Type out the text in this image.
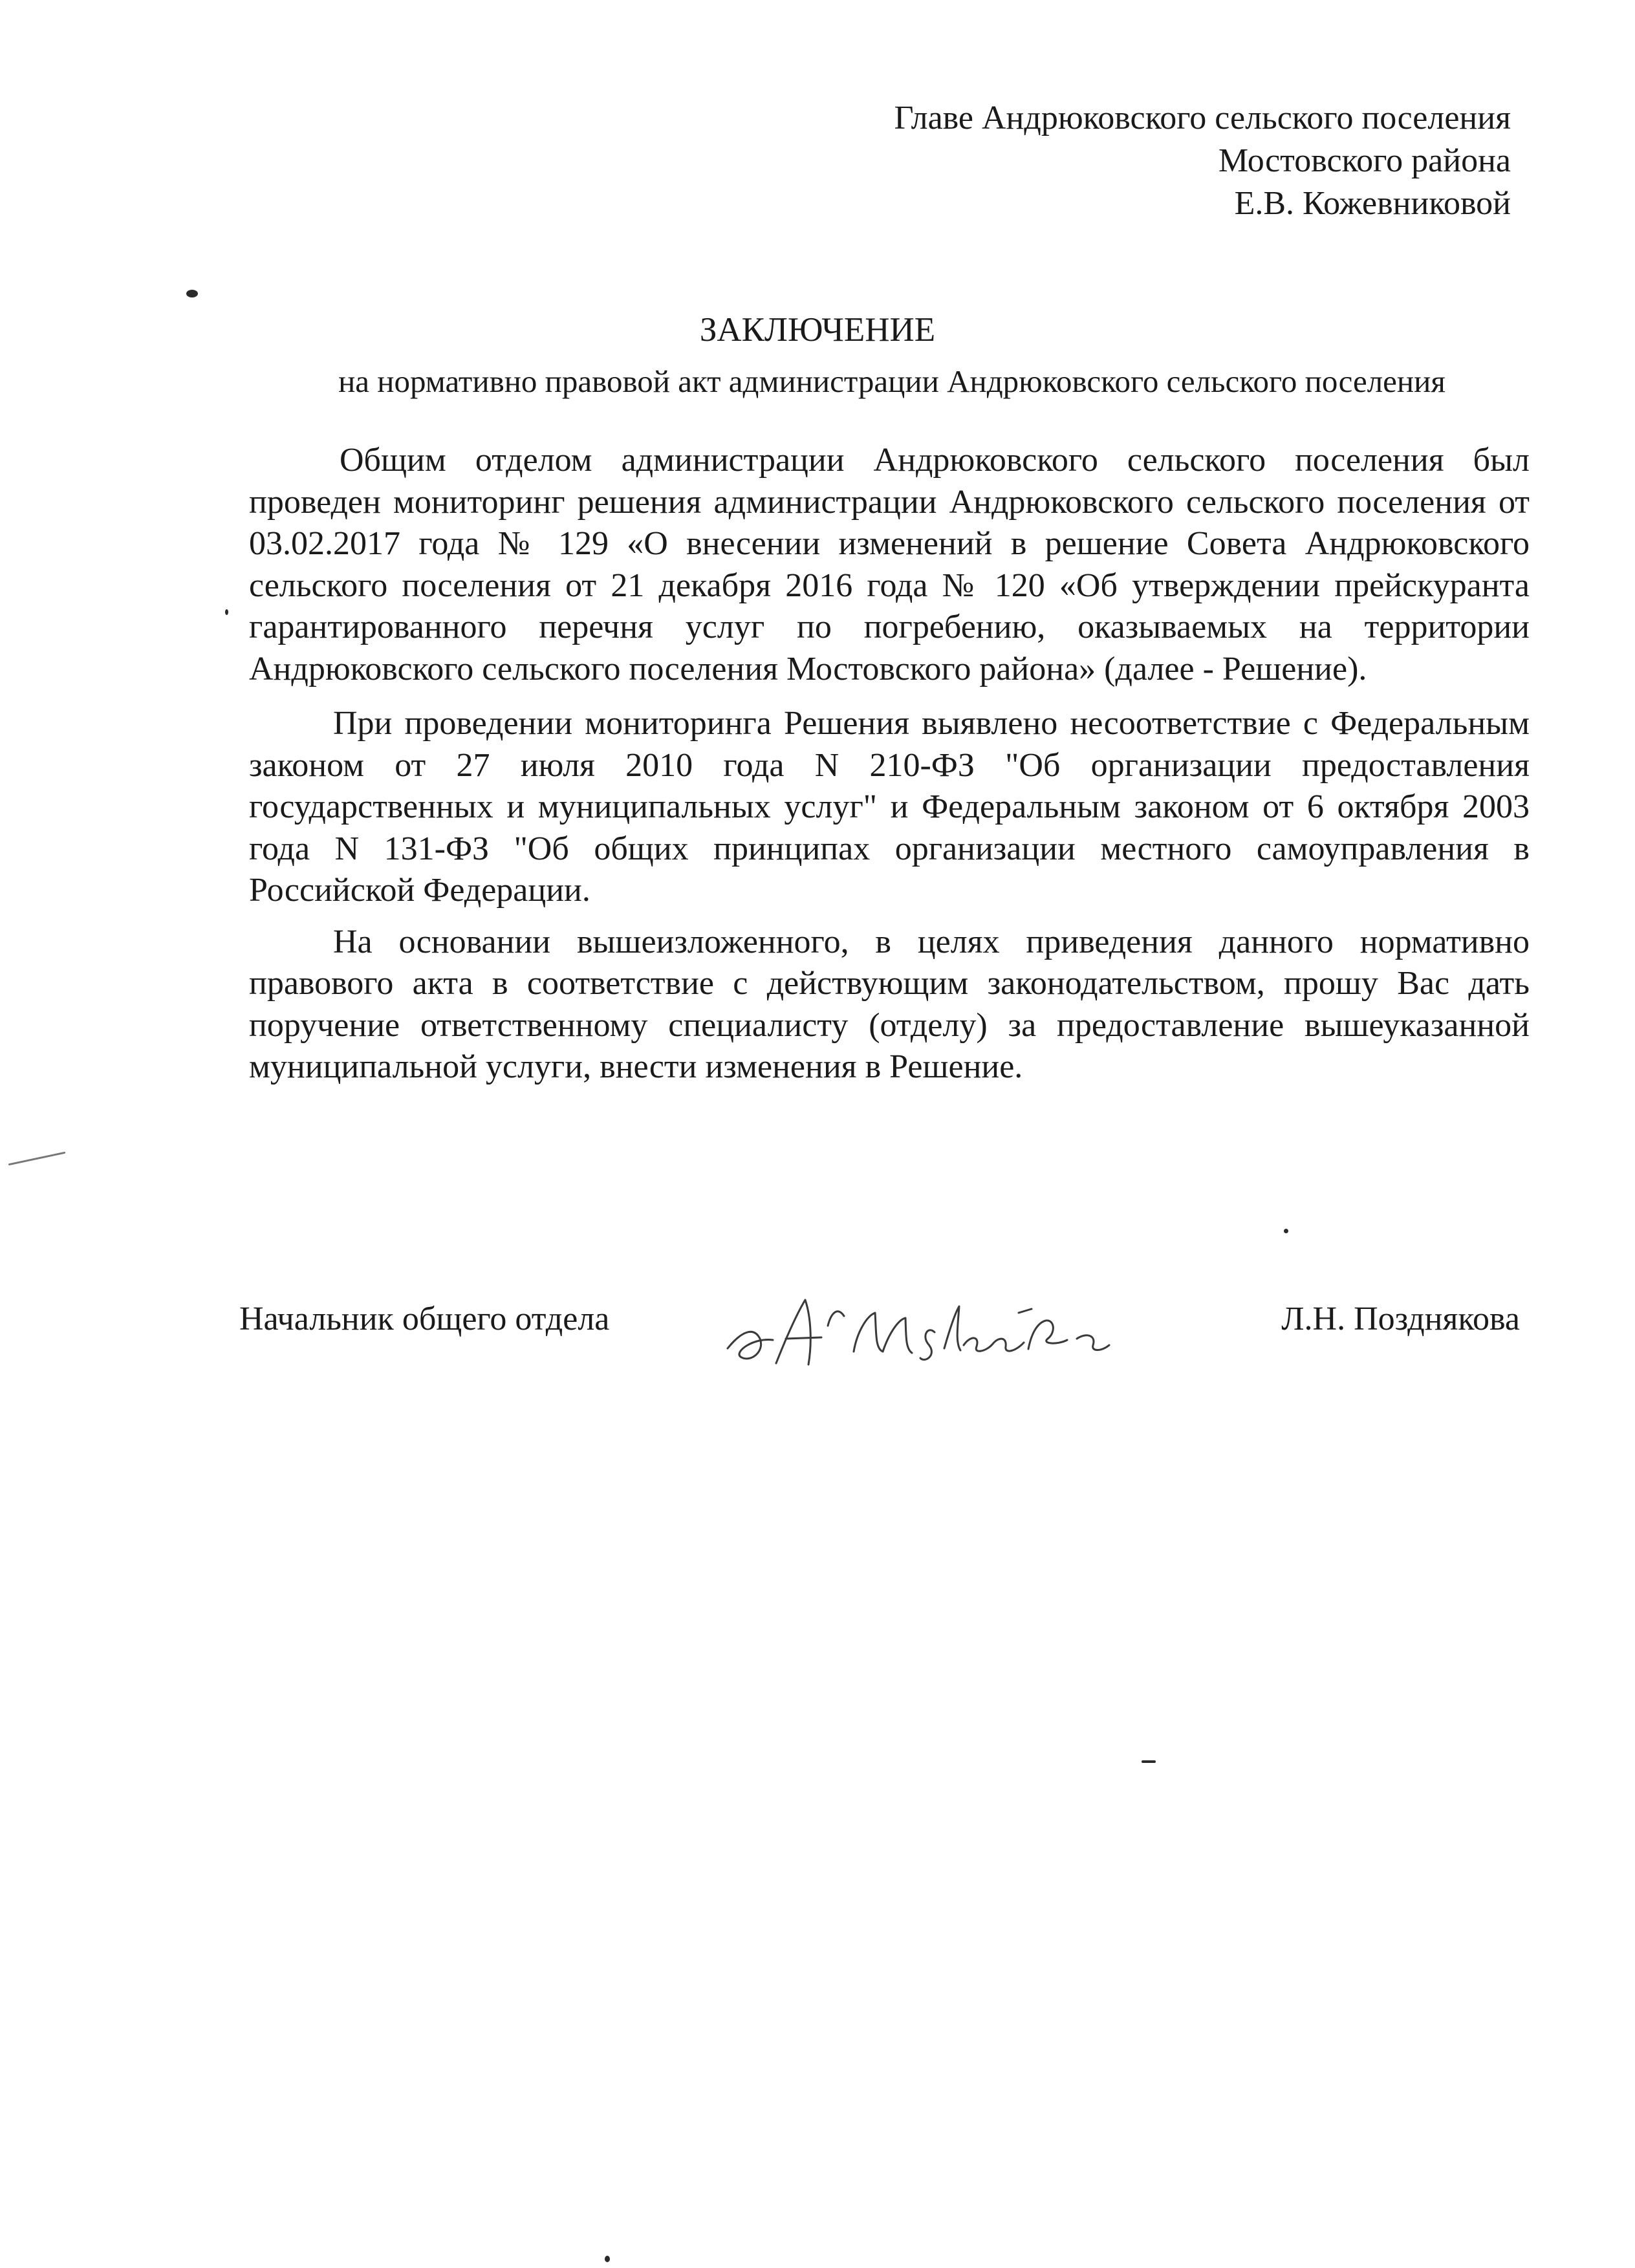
Главе Андрюковского сельского поселения
Мостовского района
Е.В. Кожевниковой
ЗАКЛЮЧЕНИЕ
на нормативно правовой акт администрации Андрюковского сельского поселения

Общим отделом администрации Андрюковского сельского поселения был проведен мониторинг решения администрации Андрюковского сельского поселения от 03.02.2017 года № 129 «О внесении изменений в решение Совета Андрюковского сельского поселения от 21 декабря 2016 года № 120 «Об утверждении прейскуранта гарантированного перечня услуг по погребению, оказываемых на территории Андрюковского сельского поселения Мостовского района» (далее - Решение).

При проведении мониторинга Решения выявлено несоответствие с Федеральным законом от 27 июля 2010 года N 210-ФЗ "Об организации предоставления государственных и муниципальных услуг" и Федеральным законом от 6 октября 2003 года N 131-ФЗ "Об общих принципах организации местного самоуправления в Российской Федерации.

На основании вышеизложенного, в целях приведения данного нормативно правового акта в соответствие с действующим законодательством, прошу Вас дать поручение ответственному специалисту (отделу) за предоставление вышеуказанной муниципальной услуги, внести изменения в Решение.

Начальник общего отдела	Л.Н. Позднякова
